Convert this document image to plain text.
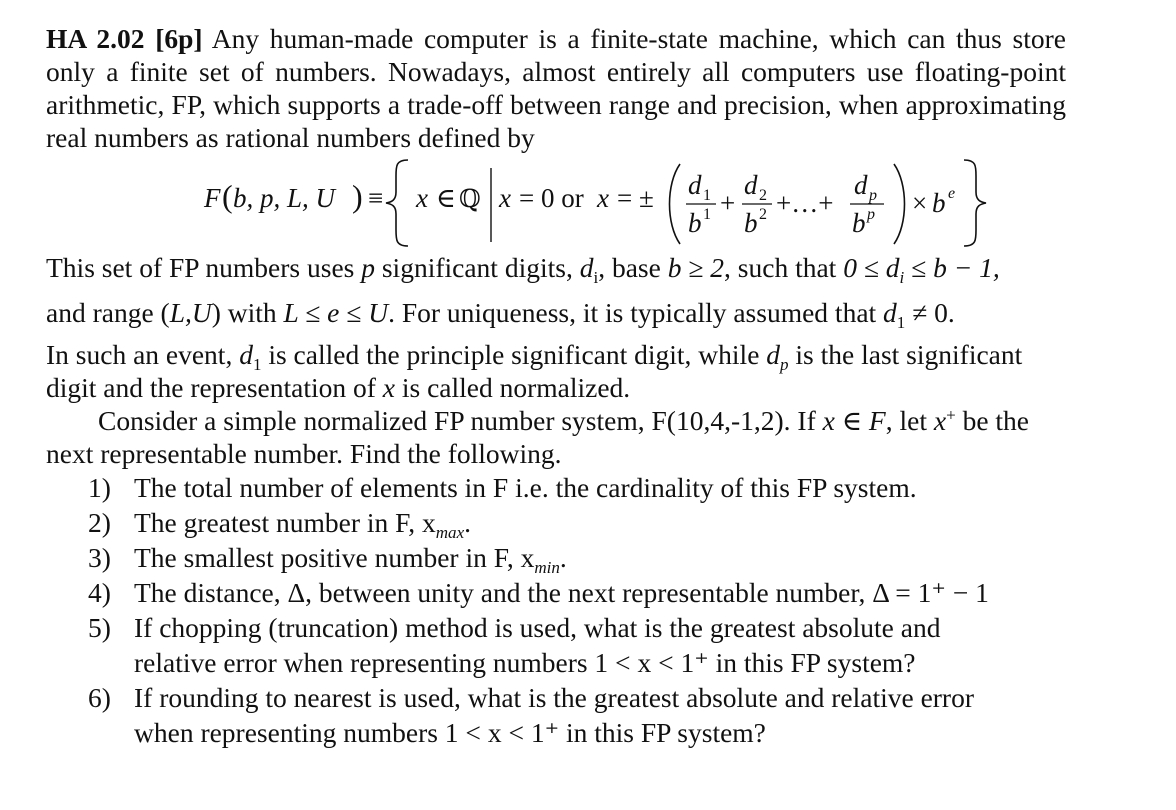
HA 2.02 [6p] Any human-made computer is a finite-state machine, which can thus store only a finite set of numbers. Nowadays, almost entirely all computers use floating-point arithmetic, FP, which supports a trade-off between range and precision, when approximating real numbers as rational numbers defined by

F ( b, p, L, U ) ≡ x ∈ ℚ x = 0 or x = ± d 1
b 1 +
d 2
b 2 +…+
d p
b p × b e

This set of FP numbers uses p significant digits, $d_i$, base b ≥ 2, such that $0 \le d_i \le b - 1$,

and range (L,U) with L ≤ e ≤ U. For uniqueness, it is typically assumed that $d_1 \ne 0$.

In such an event, $d_1$ is called the principle significant digit, while $d_p$ is the last significant digit and the representation of x is called normalized.

Consider a simple normalized FP number system, F(10,4,-1,2). If x ∈ F, let x+ be the next representable number. Find the following.

1) The total number of elements in F i.e. the cardinality of this FP system.
2) The greatest number in F, $x_{max}$.
3) The smallest positive number in F, $x_{min}$.
4) The distance, Δ, between unity and the next representable number, Δ = 1⁺ − 1
5) If chopping (truncation) method is used, what is the greatest absolute and
relative error when representing numbers 1 < x < 1⁺ in this FP system?
6) If rounding to nearest is used, what is the greatest absolute and relative error
when representing numbers 1 < x < 1⁺ in this FP system?
